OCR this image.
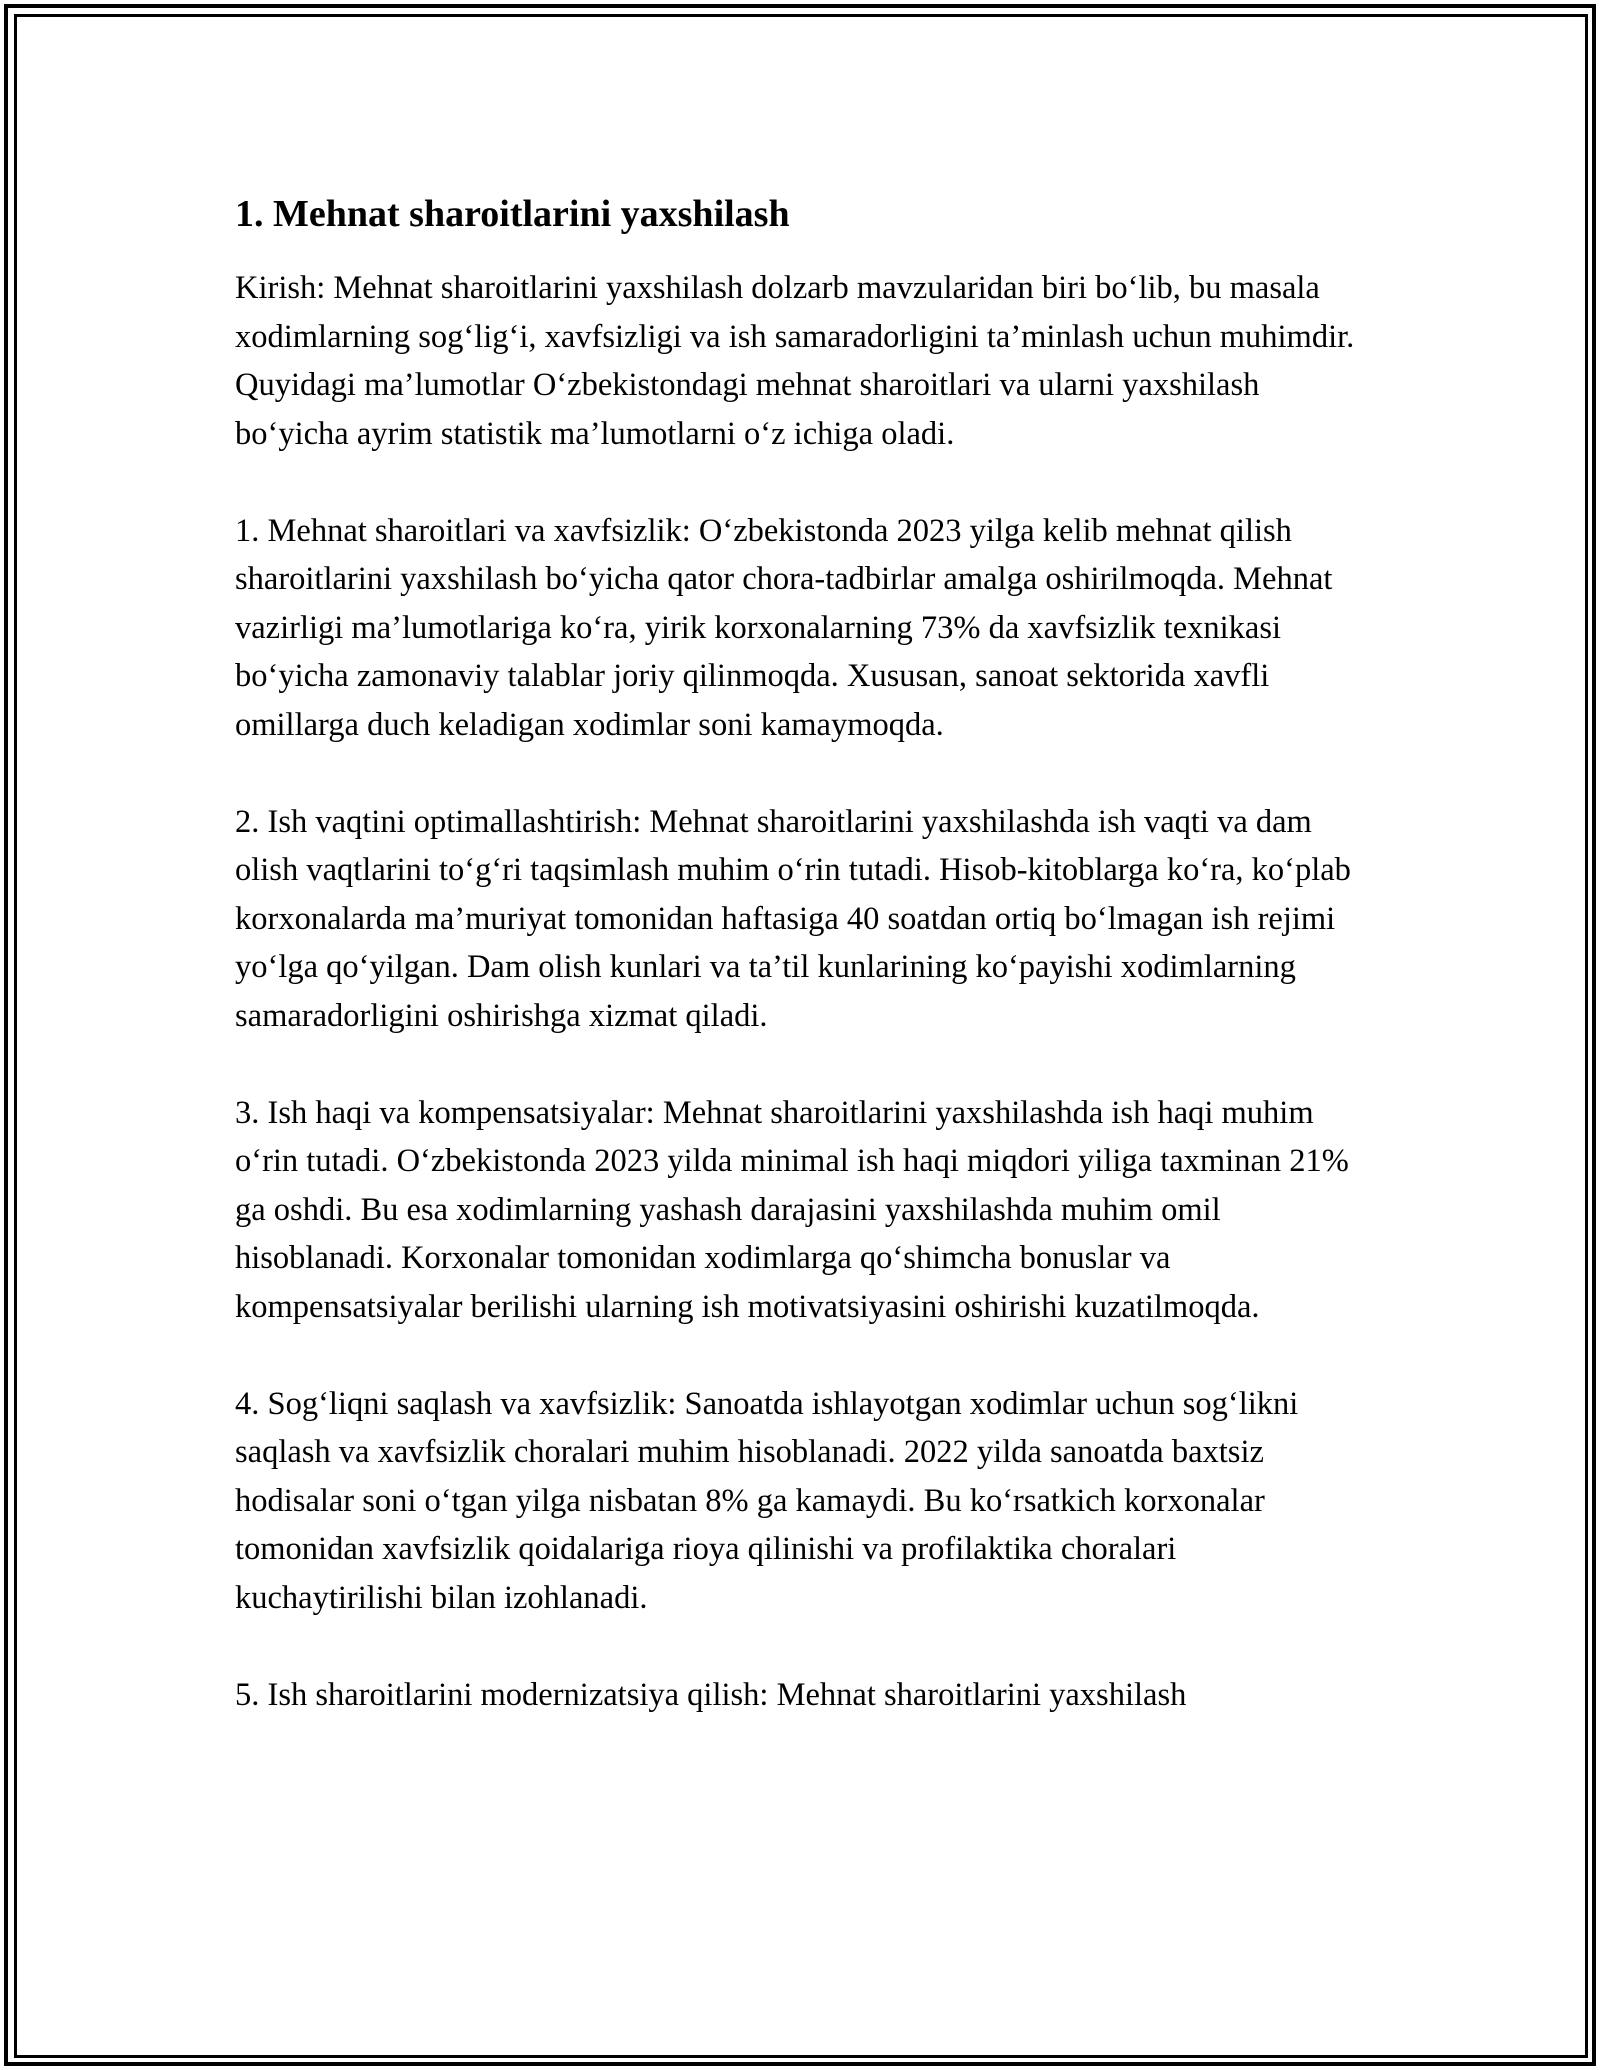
1. Mehnat sharoitlarini yaxshilash

Kirish: Mehnat sharoitlarini yaxshilash dolzarb mavzularidan biri bo‘lib, bu masala xodimlarning sog‘lig‘i, xavfsizligi va ish samaradorligini ta’minlash uchun muhimdir. Quyidagi ma’lumotlar O‘zbekistondagi mehnat sharoitlari va ularni yaxshilash bo‘yicha ayrim statistik ma’lumotlarni o‘z ichiga oladi.

1. Mehnat sharoitlari va xavfsizlik: O‘zbekistonda 2023 yilga kelib mehnat qilish sharoitlarini yaxshilash bo‘yicha qator chora-tadbirlar amalga oshirilmoqda. Mehnat vazirligi ma’lumotlariga ko‘ra, yirik korxonalarning 73% da xavfsizlik texnikasi bo‘yicha zamonaviy talablar joriy qilinmoqda. Xususan, sanoat sektorida xavfli omillarga duch keladigan xodimlar soni kamaymoqda.

2. Ish vaqtini optimallashtirish: Mehnat sharoitlarini yaxshilashda ish vaqti va dam olish vaqtlarini to‘g‘ri taqsimlash muhim o‘rin tutadi. Hisob-kitoblarga ko‘ra, ko‘plab korxonalarda ma’muriyat tomonidan haftasiga 40 soatdan ortiq bo‘lmagan ish rejimi yo‘lga qo‘yilgan. Dam olish kunlari va ta’til kunlarining ko‘payishi xodimlarning samaradorligini oshirishga xizmat qiladi.

3. Ish haqi va kompensatsiyalar: Mehnat sharoitlarini yaxshilashda ish haqi muhim o‘rin tutadi. O‘zbekistonda 2023 yilda minimal ish haqi miqdori yiliga taxminan 21% ga oshdi. Bu esa xodimlarning yashash darajasini yaxshilashda muhim omil hisoblanadi. Korxonalar tomonidan xodimlarga qo‘shimcha bonuslar va kompensatsiyalar berilishi ularning ish motivatsiyasini oshirishi kuzatilmoqda.

4. Sog‘liqni saqlash va xavfsizlik: Sanoatda ishlayotgan xodimlar uchun sog‘likni saqlash va xavfsizlik choralari muhim hisoblanadi. 2022 yilda sanoatda baxtsiz hodisalar soni o‘tgan yilga nisbatan 8% ga kamaydi. Bu ko‘rsatkich korxonalar tomonidan xavfsizlik qoidalariga rioya qilinishi va profilaktika choralari kuchaytirilishi bilan izohlanadi.

5. Ish sharoitlarini modernizatsiya qilish: Mehnat sharoitlarini yaxshilash
